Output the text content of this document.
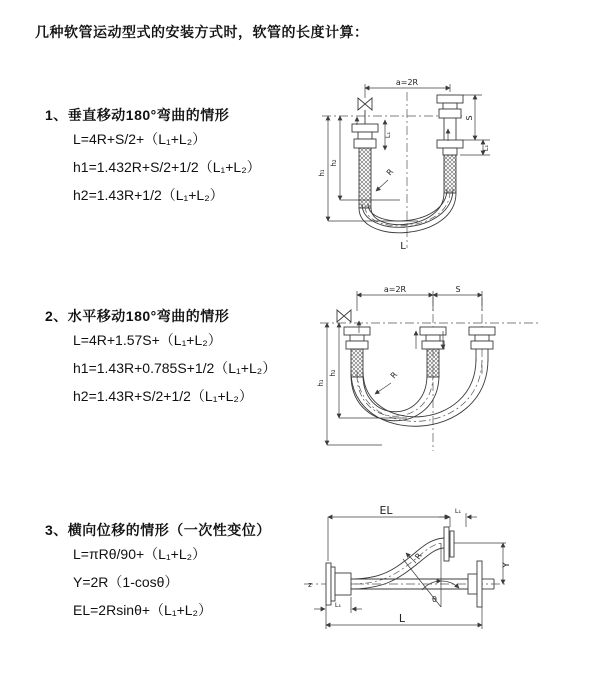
几种软管运动型式的安装方式时，软管的长度计算：
1、垂直移动180°弯曲的情形
L=4R+S/2+（L₁+L₂）
h1=1.432R+S/2+1/2（L₁+L₂）
h2=1.43R+1/2（L₁+L₂）
a=2R
h₁
h₂
L₁
S
L₁
R
L
2、水平移动180°弯曲的情形
L=4R+1.57S+（L₁+L₂）
h1=1.43R+0.785S+1/2（L₁+L₂）
h2=1.43R+S/2+1/2（L₁+L₂）
a=2R	S
h₁
h₂	R
3、横向位移的情形（一次性变位）
L=πRθ/90+（L₁+L₂）
Y=2R（1-cosθ）
EL=2Rsinθ+（L₁+L₂）
EL	L₁
Y
z
L₁
θ
R
L
